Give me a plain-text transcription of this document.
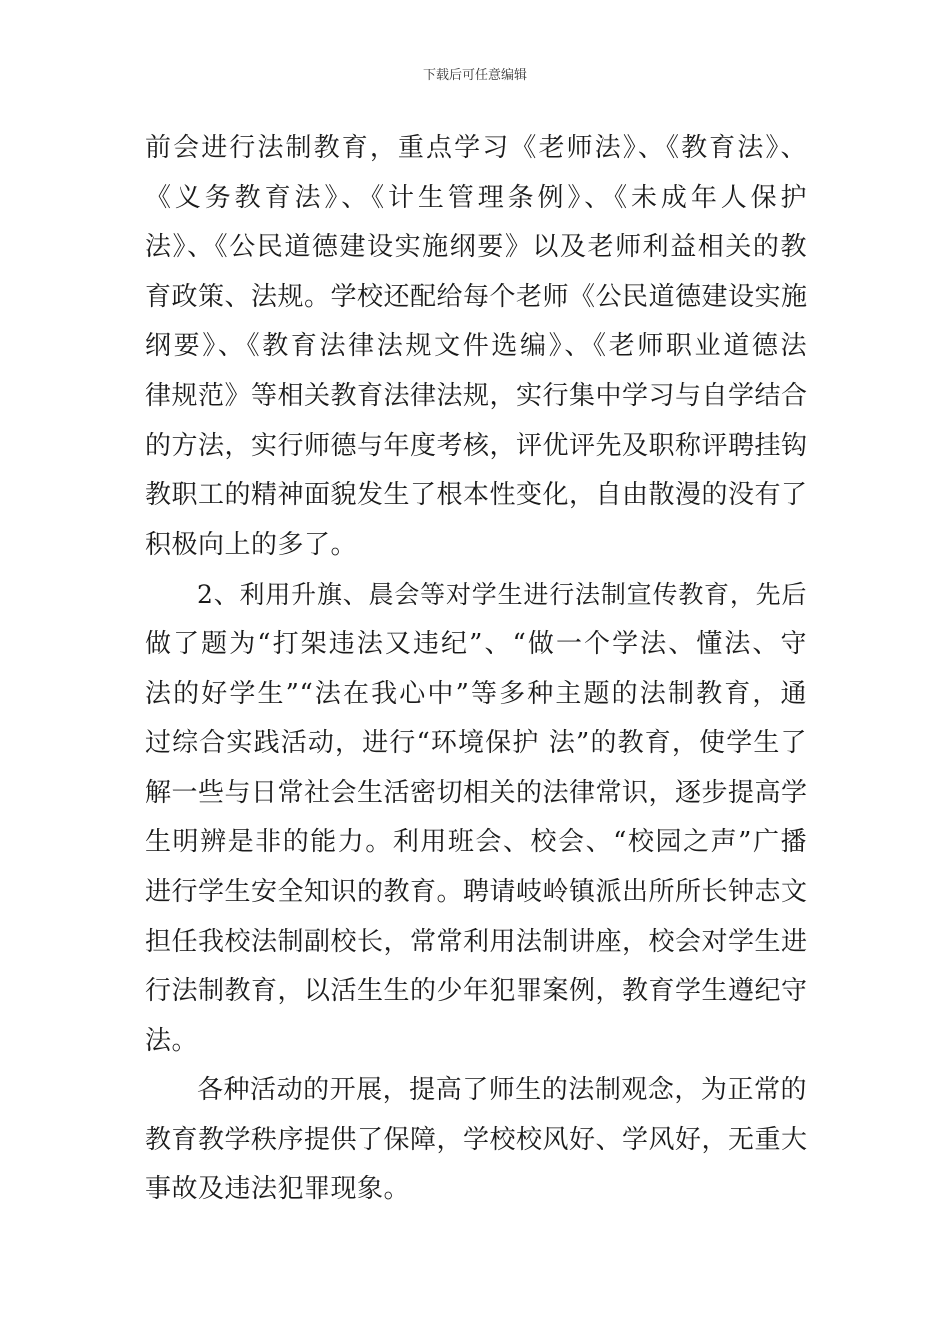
下载后可任意编辑
前会进行法制教育，重点学习《老师法》、《教育法》、
《义务教育法》、《计生管理条例》、《未成年人保护
法》、《公民道德建设实施纲要》以及老师利益相关的教
育政策、法规。学校还配给每个老师《公民道德建设实施
纲要》、《教育法律法规文件选编》、《老师职业道德法
律规范》等相关教育法律法规，实行集中学习与自学结合
的方法，实行师德与年度考核，评优评先及职称评聘挂钩
教职工的精神面貌发生了根本性变化，自由散漫的没有了
积极向上的多了。
2、利用升旗、晨会等对学生进行法制宣传教育，先后
做了题为“打架违法又违纪”、“做一个学法、懂法、守
法的好学生”“法在我心中”等多种主题的法制教育，通
过综合实践活动，进行“环境保护 法”的教育，使学生了
解一些与日常社会生活密切相关的法律常识，逐步提高学
生明辨是非的能力。利用班会、校会、“校园之声”广播
进行学生安全知识的教育。聘请岐岭镇派出所所长钟志文
担任我校法制副校长，常常利用法制讲座，校会对学生进
行法制教育，以活生生的少年犯罪案例，教育学生遵纪守
法。
各种活动的开展，提高了师生的法制观念，为正常的
教育教学秩序提供了保障，学校校风好、学风好，无重大
事故及违法犯罪现象。
